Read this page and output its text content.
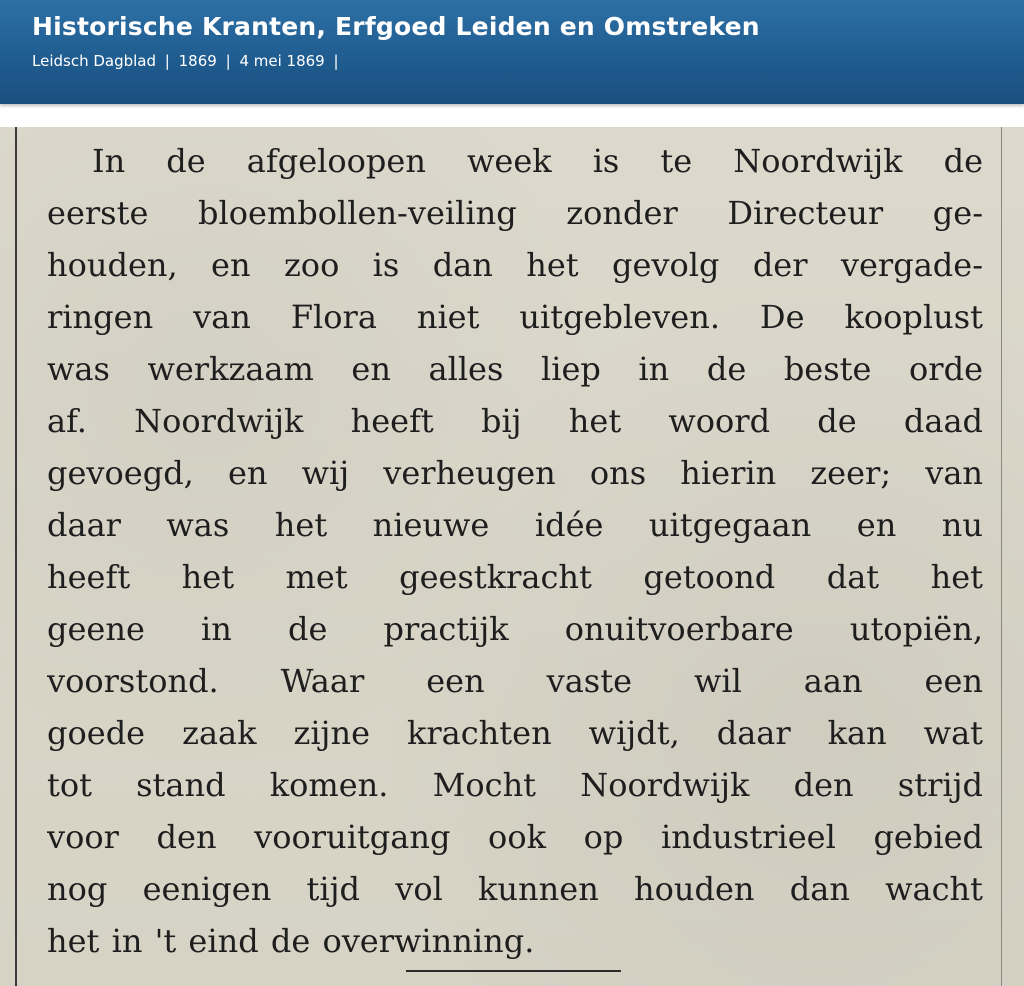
Historische Kranten, Erfgoed Leiden en Omstreken
Leidsch Dagblad | 1869 | 4 mei 1869 |
In de afgeloopen week is te Noordwijk de
eerste bloembollen-veiling zonder Directeur ge-
houden, en zoo is dan het gevolg der vergade-
ringen van Flora niet uitgebleven. De kooplust
was werkzaam en alles liep in de beste orde
af. Noordwijk heeft bij het woord de daad
gevoegd, en wij verheugen ons hierin zeer; van
daar was het nieuwe idée uitgegaan en nu
heeft het met geestkracht getoond dat het
geene in de practijk onuitvoerbare utopiën,
voorstond. Waar een vaste wil aan een
goede zaak zijne krachten wijdt, daar kan wat
tot stand komen. Mocht Noordwijk den strijd
voor den vooruitgang ook op industrieel gebied
nog eenigen tijd vol kunnen houden dan wacht
het in 't eind de overwinning.
